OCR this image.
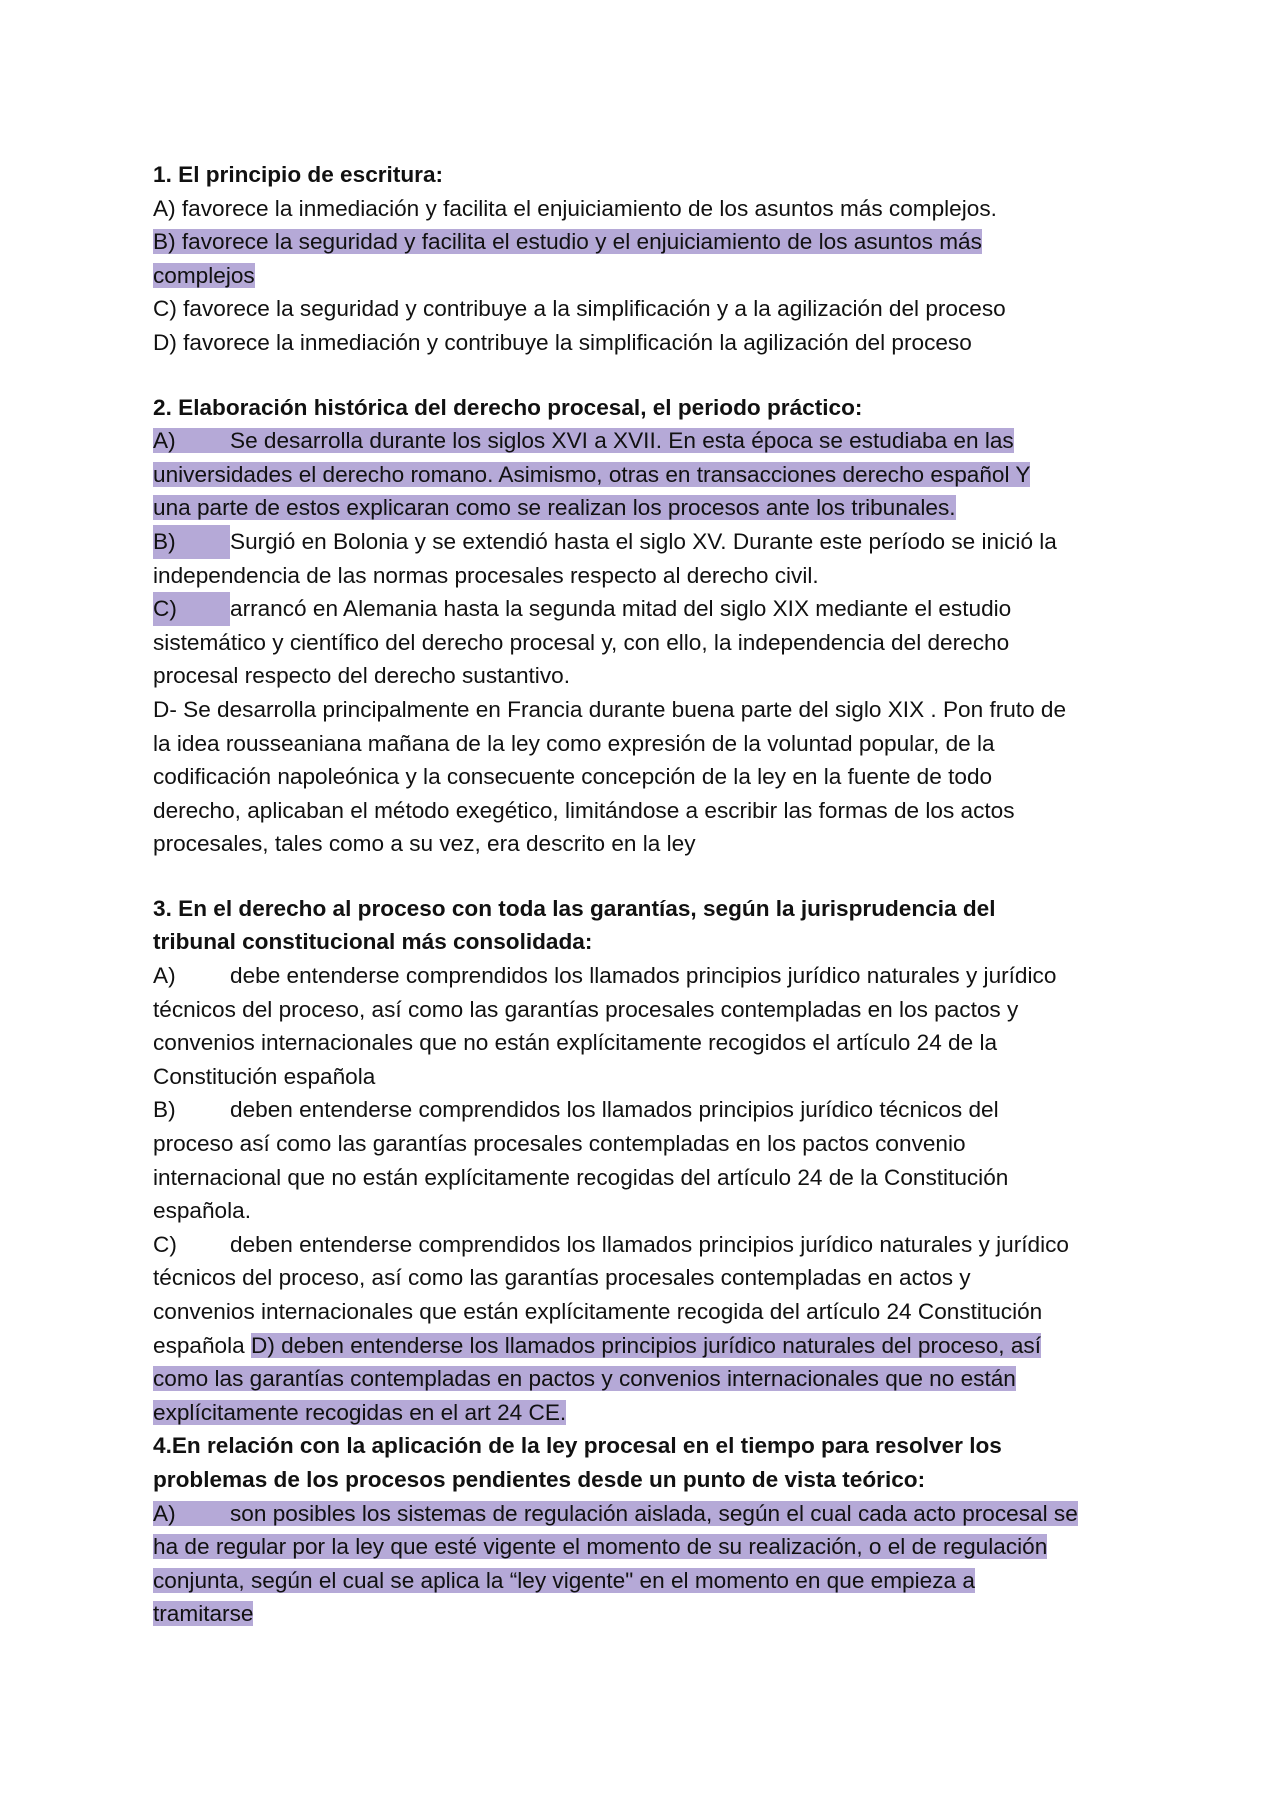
1. El principio de escritura:

A) favorece la inmediación y facilita el enjuiciamiento de los asuntos más complejos.

B) favorece la seguridad y facilita el estudio y el enjuiciamiento de los asuntos más

complejos

C) favorece la seguridad y contribuye a la simplificación y a la agilización del proceso

D) favorece la inmediación y contribuye la simplificación la agilización del proceso

2. Elaboración histórica del derecho procesal, el periodo práctico:

A) Se desarrolla durante los siglos XVI a XVII. En esta época se estudiaba en las

universidades el derecho romano. Asimismo, otras en transacciones derecho español Y

una parte de estos explicaran como se realizan los procesos ante los tribunales.

B) Surgió en Bolonia y se extendió hasta el siglo XV. Durante este período se inició la

independencia de las normas procesales respecto al derecho civil.

C) arrancó en Alemania hasta la segunda mitad del siglo XIX mediante el estudio

sistemático y científico del derecho procesal y, con ello, la independencia del derecho

procesal respecto del derecho sustantivo.

D- Se desarrolla principalmente en Francia durante buena parte del siglo XIX . Pon fruto de

la idea rousseaniana mañana de la ley como expresión de la voluntad popular, de la

codificación napoleónica y la consecuente concepción de la ley en la fuente de todo

derecho, aplicaban el método exegético, limitándose a escribir las formas de los actos

procesales, tales como a su vez, era descrito en la ley

3. En el derecho al proceso con toda las garantías, según la jurisprudencia del

tribunal constitucional más consolidada:

A) debe entenderse comprendidos los llamados principios jurídico naturales y jurídico

técnicos del proceso, así como las garantías procesales contempladas en los pactos y

convenios internacionales que no están explícitamente recogidos el artículo 24 de la

Constitución española

B) deben entenderse comprendidos los llamados principios jurídico técnicos del

proceso así como las garantías procesales contempladas en los pactos convenio

internacional que no están explícitamente recogidas del artículo 24 de la Constitución

española.

C) deben entenderse comprendidos los llamados principios jurídico naturales y jurídico

técnicos del proceso, así como las garantías procesales contempladas en actos y

convenios internacionales que están explícitamente recogida del artículo 24 Constitución

española D) deben entenderse los llamados principios jurídico naturales del proceso, así

como las garantías contempladas en pactos y convenios internacionales que no están

explícitamente recogidas en el art 24 CE.

4.En relación con la aplicación de la ley procesal en el tiempo para resolver los

problemas de los procesos pendientes desde un punto de vista teórico:

A) son posibles los sistemas de regulación aislada, según el cual cada acto procesal se

ha de regular por la ley que esté vigente el momento de su realización, o el de regulación

conjunta, según el cual se aplica la “ley vigente" en el momento en que empieza a

tramitarse
